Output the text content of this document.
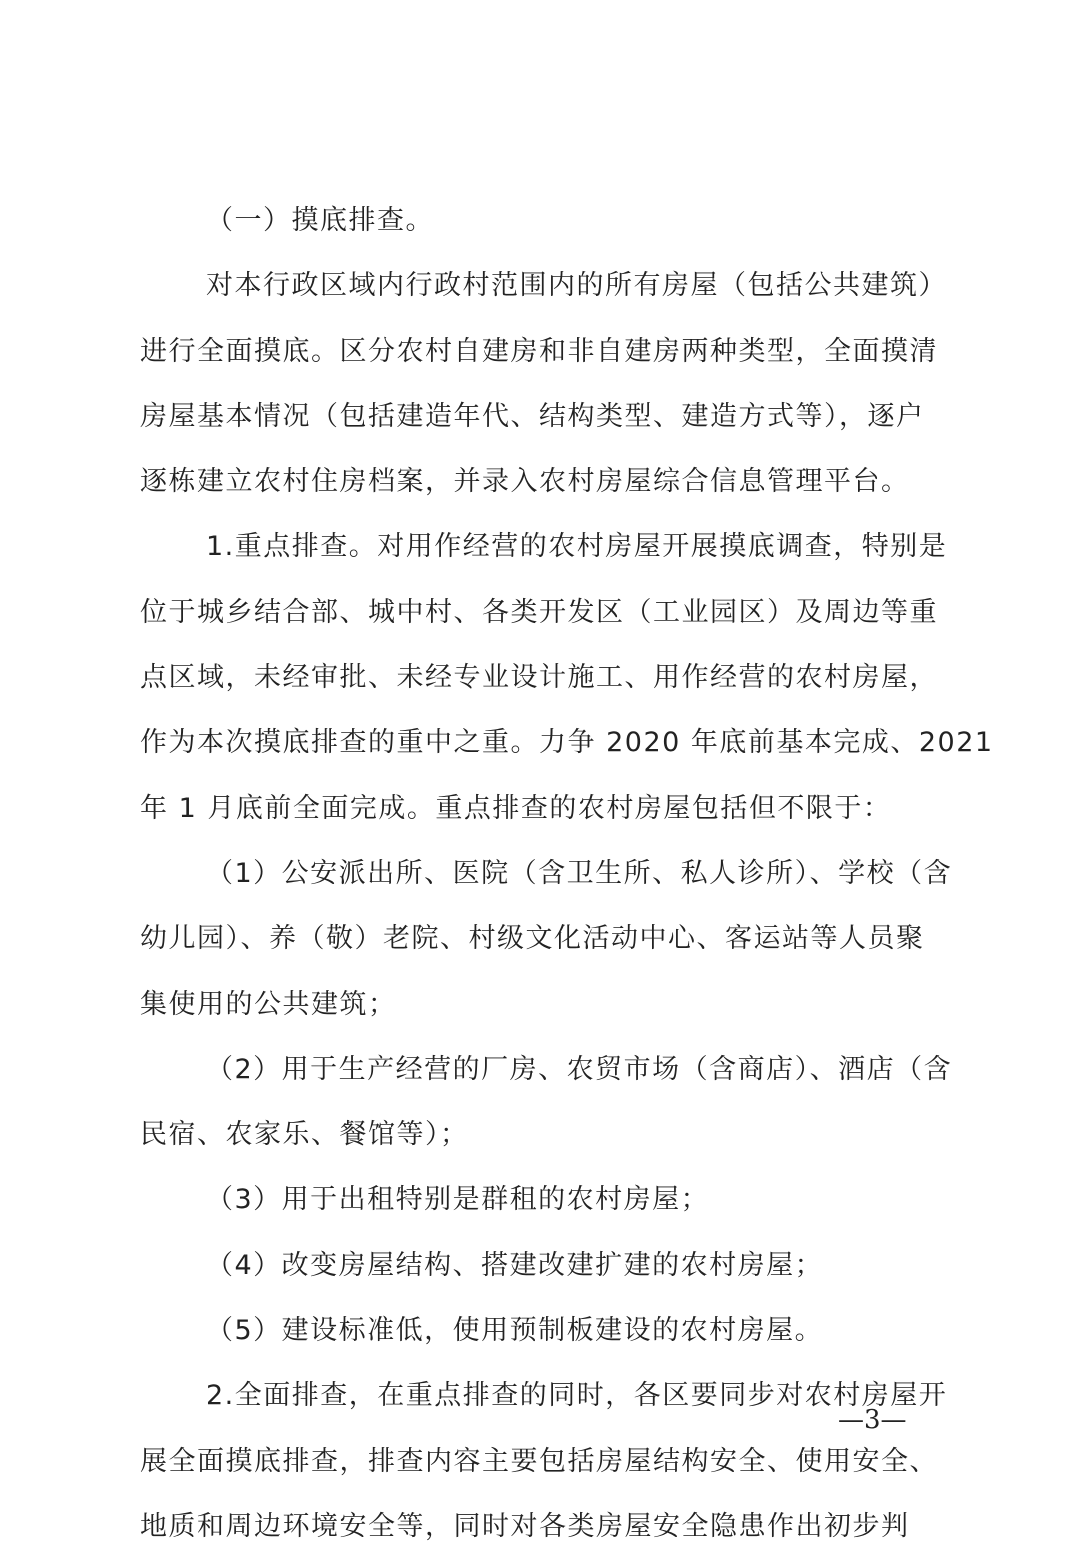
（一）摸底排查。
对本行政区域内行政村范围内的所有房屋（包括公共建筑）
进行全面摸底。区分农村自建房和非自建房两种类型，全面摸清
房屋基本情况（包括建造年代、结构类型、建造方式等），逐户
逐栋建立农村住房档案，并录入农村房屋综合信息管理平台。
1.重点排查。对用作经营的农村房屋开展摸底调查，特别是
位于城乡结合部、城中村、各类开发区（工业园区）及周边等重
点区域，未经审批、未经专业设计施工、用作经营的农村房屋，
作为本次摸底排查的重中之重。力争 2020 年底前基本完成、2021
年 1 月底前全面完成。重点排查的农村房屋包括但不限于：
（1）公安派出所、医院（含卫生所、私人诊所）、学校（含
幼儿园）、养（敬）老院、村级文化活动中心、客运站等人员聚
集使用的公共建筑；
（2）用于生产经营的厂房、农贸市场（含商店）、酒店（含
民宿、农家乐、餐馆等）；
（3）用于出租特别是群租的农村房屋；
（4）改变房屋结构、搭建改建扩建的农村房屋；
（5）建设标准低，使用预制板建设的农村房屋。
2.全面排查，在重点排查的同时，各区要同步对农村房屋开
展全面摸底排查，排查内容主要包括房屋结构安全、使用安全、
地质和周边环境安全等，同时对各类房屋安全隐患作出初步判
—3—
